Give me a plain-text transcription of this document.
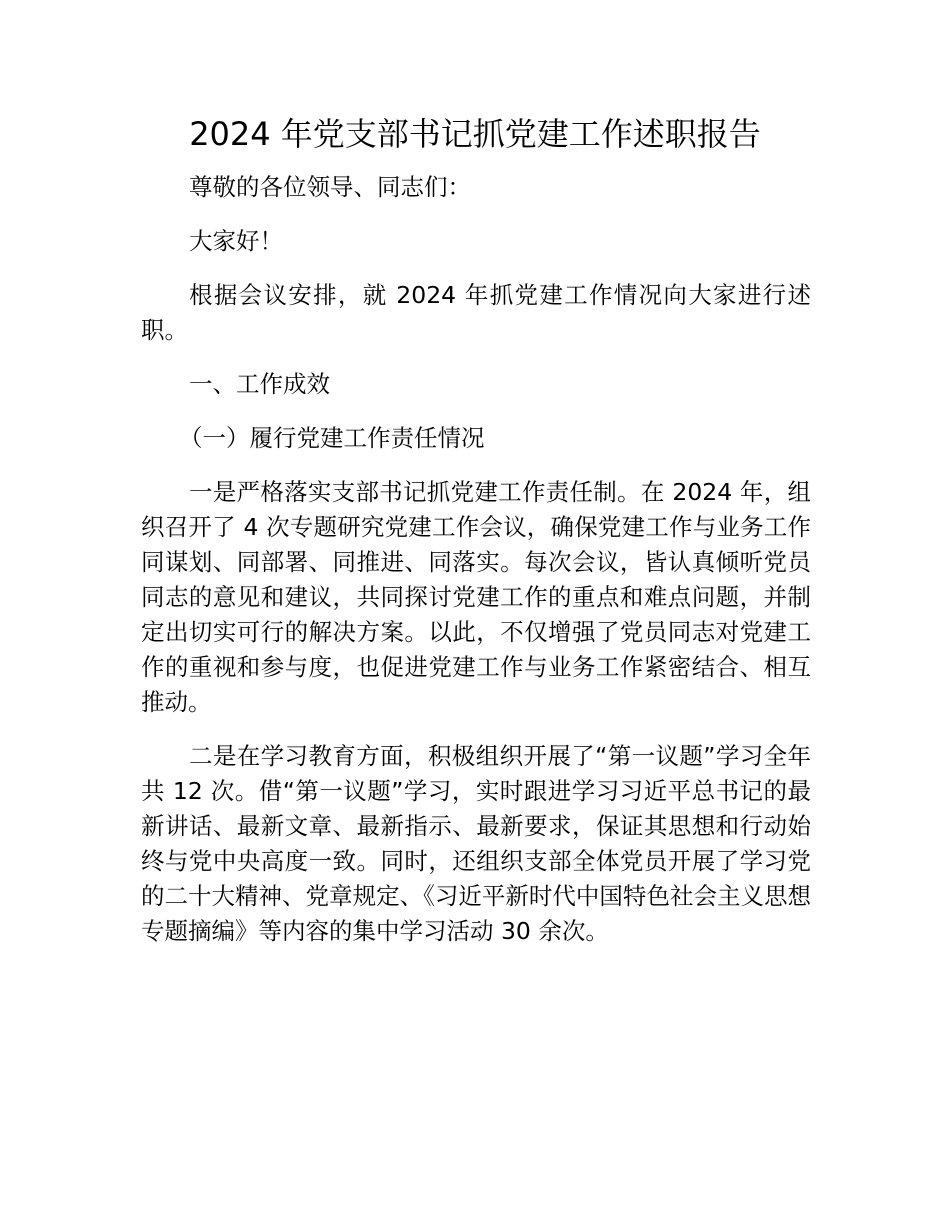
2024 年党支部书记抓党建工作述职报告

尊敬的各位领导、同志们：

大家好！

根据会议安排，就 2024 年抓党建工作情况向大家进行述职。

一、工作成效

（一）履行党建工作责任情况

一是严格落实支部书记抓党建工作责任制。在 2024 年，组织召开了 4 次专题研究党建工作会议，确保党建工作与业务工作同谋划、同部署、同推进、同落实。每次会议，皆认真倾听党员同志的意见和建议，共同探讨党建工作的重点和难点问题，并制定出切实可行的解决方案。以此，不仅增强了党员同志对党建工作的重视和参与度，也促进党建工作与业务工作紧密结合、相互推动。

二是在学习教育方面，积极组织开展了“第一议题”学习全年共 12 次。借“第一议题”学习，实时跟进学习习近平总书记的最新讲话、最新文章、最新指示、最新要求，保证其思想和行动始终与党中央高度一致。同时，还组织支部全体党员开展了学习党的二十大精神、党章规定、《习近平新时代中国特色社会主义思想专题摘编》等内容的集中学习活动 30 余次。
